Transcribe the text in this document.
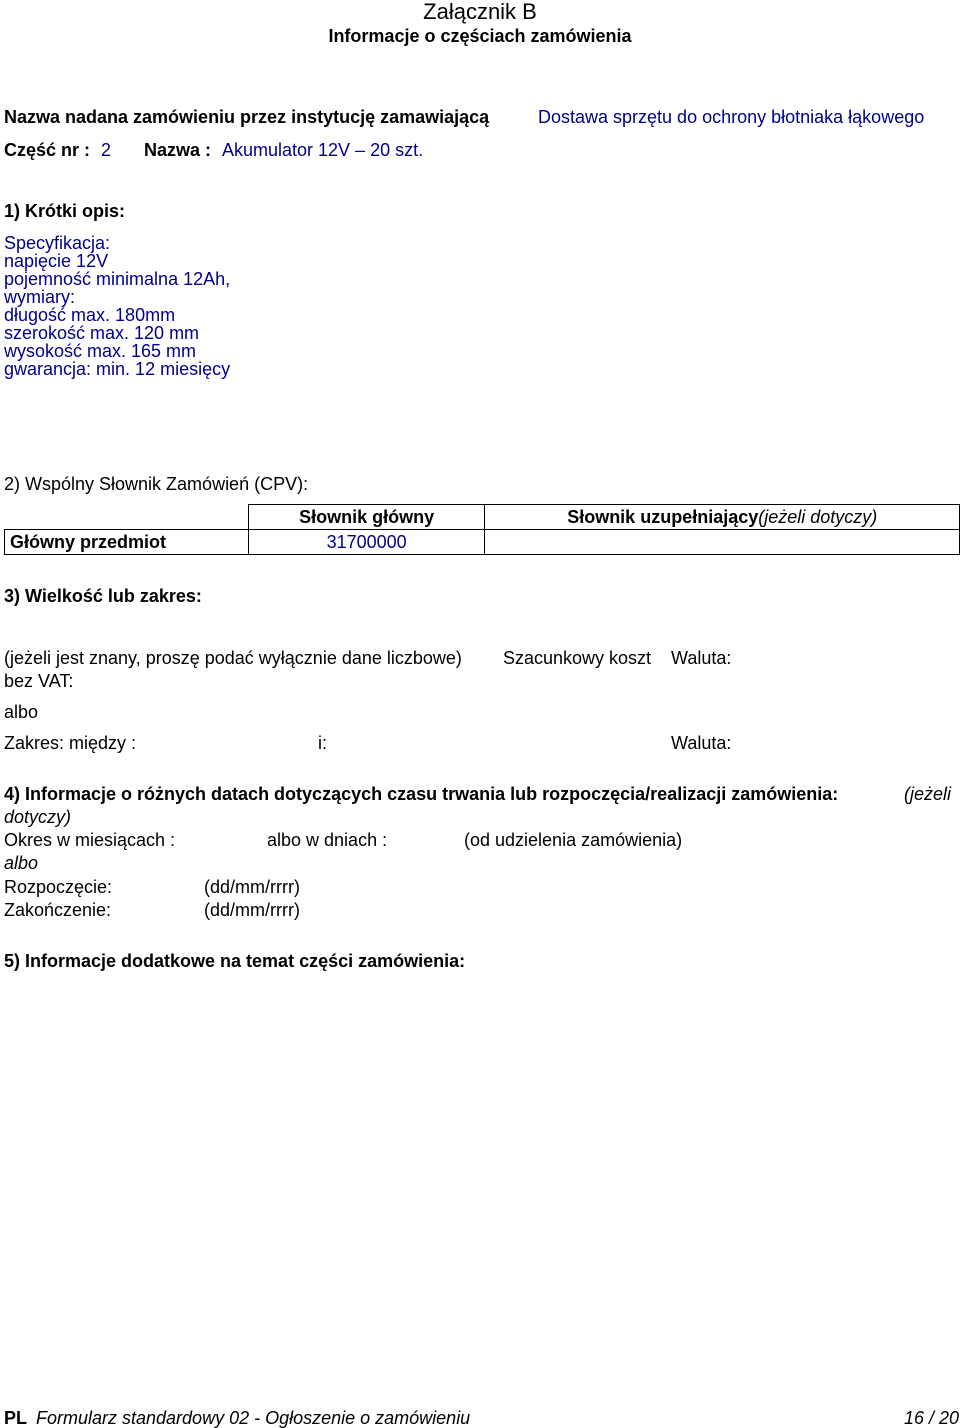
Załącznik B
Informacje o częściach zamówienia
Nazwa nadana zamówieniu przez instytucję zamawiającą	Dostawa sprzętu do ochrony błotniaka łąkowego
Część nr : 2 Nazwa : Akumulator 12V – 20 szt.
1) Krótki opis:
Specyfikacja:
napięcie 12V
pojemność minimalna 12Ah,
wymiary:
długość max. 180mm
szerokość max. 120 mm
wysokość max. 165 mm
gwarancja: min. 12 miesięcy
2) Wspólny Słownik Zamówień (CPV):
	Słownik główny	Słownik uzupełniający(jeżeli dotyczy)
Główny przedmiot	31700000	
3) Wielkość lub zakres:
(jeżeli jest znany, proszę podać wyłącznie dane liczbowe) Szacunkowy koszt Waluta:
bez VAT:
albo
Zakres: między :	i:	Waluta:
4) Informacje o różnych datach dotyczących czasu trwania lub rozpoczęcia/realizacji zamówienia:	(jeżeli
dotyczy)
Okres w miesiącach :	albo w dniach :	(od udzielenia zamówienia)
albo
Rozpoczęcie:	(dd/mm/rrrr)
Zakończenie:	(dd/mm/rrrr)
5) Informacje dodatkowe na temat części zamówienia:
PL Formularz standardowy 02 - Ogłoszenie o zamówieniu	16 / 20
